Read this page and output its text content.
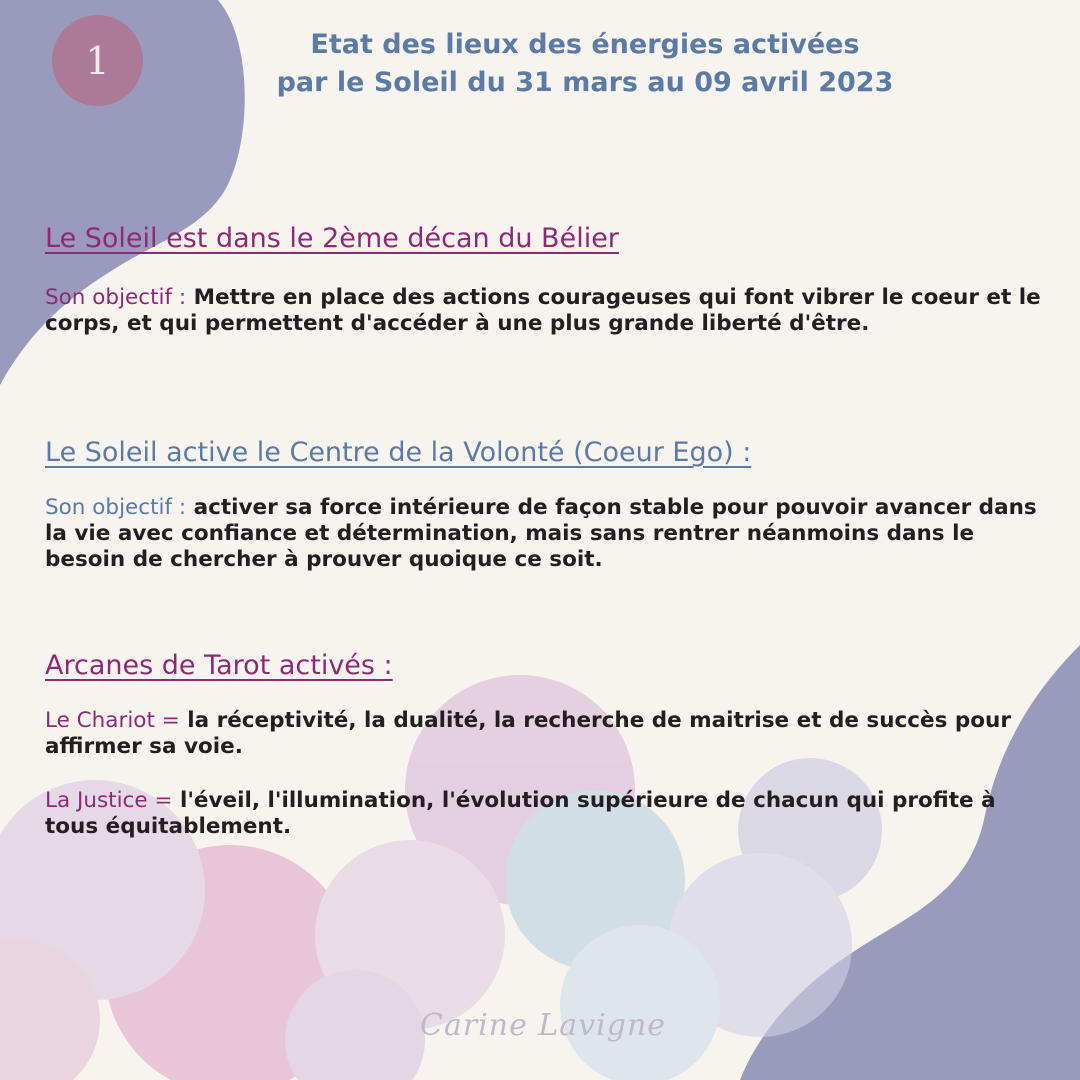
1	Etat des lieux des énergies activées
par le Soleil du 31 mars au 09 avril 2023
Le Soleil est dans le 2ème décan du Bélier
Son objectif : Mettre en place des actions courageuses qui font vibrer le coeur et le corps, et qui permettent d'accéder à une plus grande liberté d'être.
Le Soleil active le Centre de la Volonté (Coeur Ego) :
Son objectif : activer sa force intérieure de façon stable pour pouvoir avancer dans la vie avec confiance et détermination, mais sans rentrer néanmoins dans le besoin de chercher à prouver quoique ce soit.
Arcanes de Tarot activés :
Le Chariot = la réceptivité, la dualité, la recherche de maitrise et de succès pour affirmer sa voie.
La Justice = l'éveil, l'illumination, l'évolution supérieure de chacun qui profite à tous équitablement.
Carine Lavigne
